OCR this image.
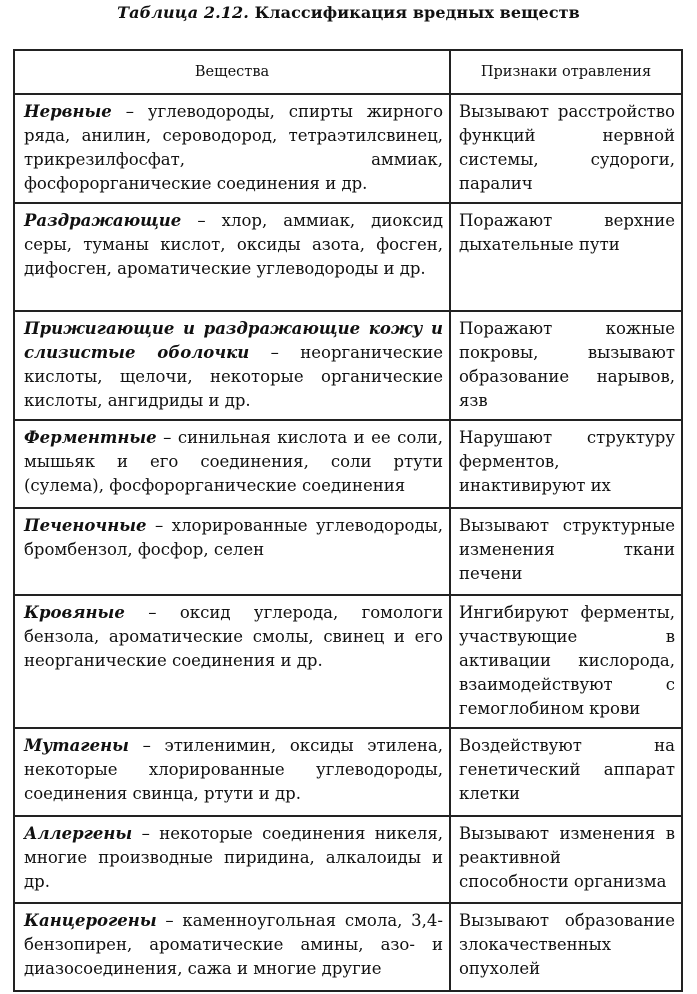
Таблица 2.12. Классификация вредных веществ
Вещества	Признаки отравления
Нервные – углеводороды, спирты жирного ряда, анилин, сероводород, тетраэтилсвинец, трикрезилфосфат, аммиак, фосфорорганические соединения и др.	Вызывают расстройство функций нервной системы, судороги, паралич
Раздражающие – хлор, аммиак, диоксид серы, туманы кислот, оксиды азота, фосген, дифосген, ароматические углеводороды и др.	Поражают верхние дыхательные пути
Прижигающие и раздражающие кожу и слизистые оболочки – неорганические кислоты, щелочи, некоторые органические кислоты, ангидриды и др.	Поражают кожные покровы, вызывают образование нарывов, язв
Ферментные – синильная кислота и ее соли, мышьяк и его соединения, соли ртути (сулема), фосфорорганические соединения	Нарушают структуру ферментов, инактивируют их
Печеночные – хлорированные углеводороды, бромбензол, фосфор, селен	Вызывают структурные изменения ткани печени
Кровяные – оксид углерода, гомологи бензола, ароматические смолы, свинец и его неорганические соединения и др.	Ингибируют ферменты, участвующие в активации кислорода, взаимодействуют с гемоглобином крови
Мутагены – этиленимин, оксиды этилена, некоторые хлорированные углеводороды, соединения свинца, ртути и др.	Воздействуют на генетический аппарат клетки
Аллергены – некоторые соединения никеля, многие производные пиридина, алкалоиды и др.	Вызывают изменения в реактивной способности организма
Канцерогены – каменноугольная смола, 3,4-бензопирен, ароматические амины, азо- и диазосоединения, сажа и многие другие	Вызывают образование злокачественных опухолей
